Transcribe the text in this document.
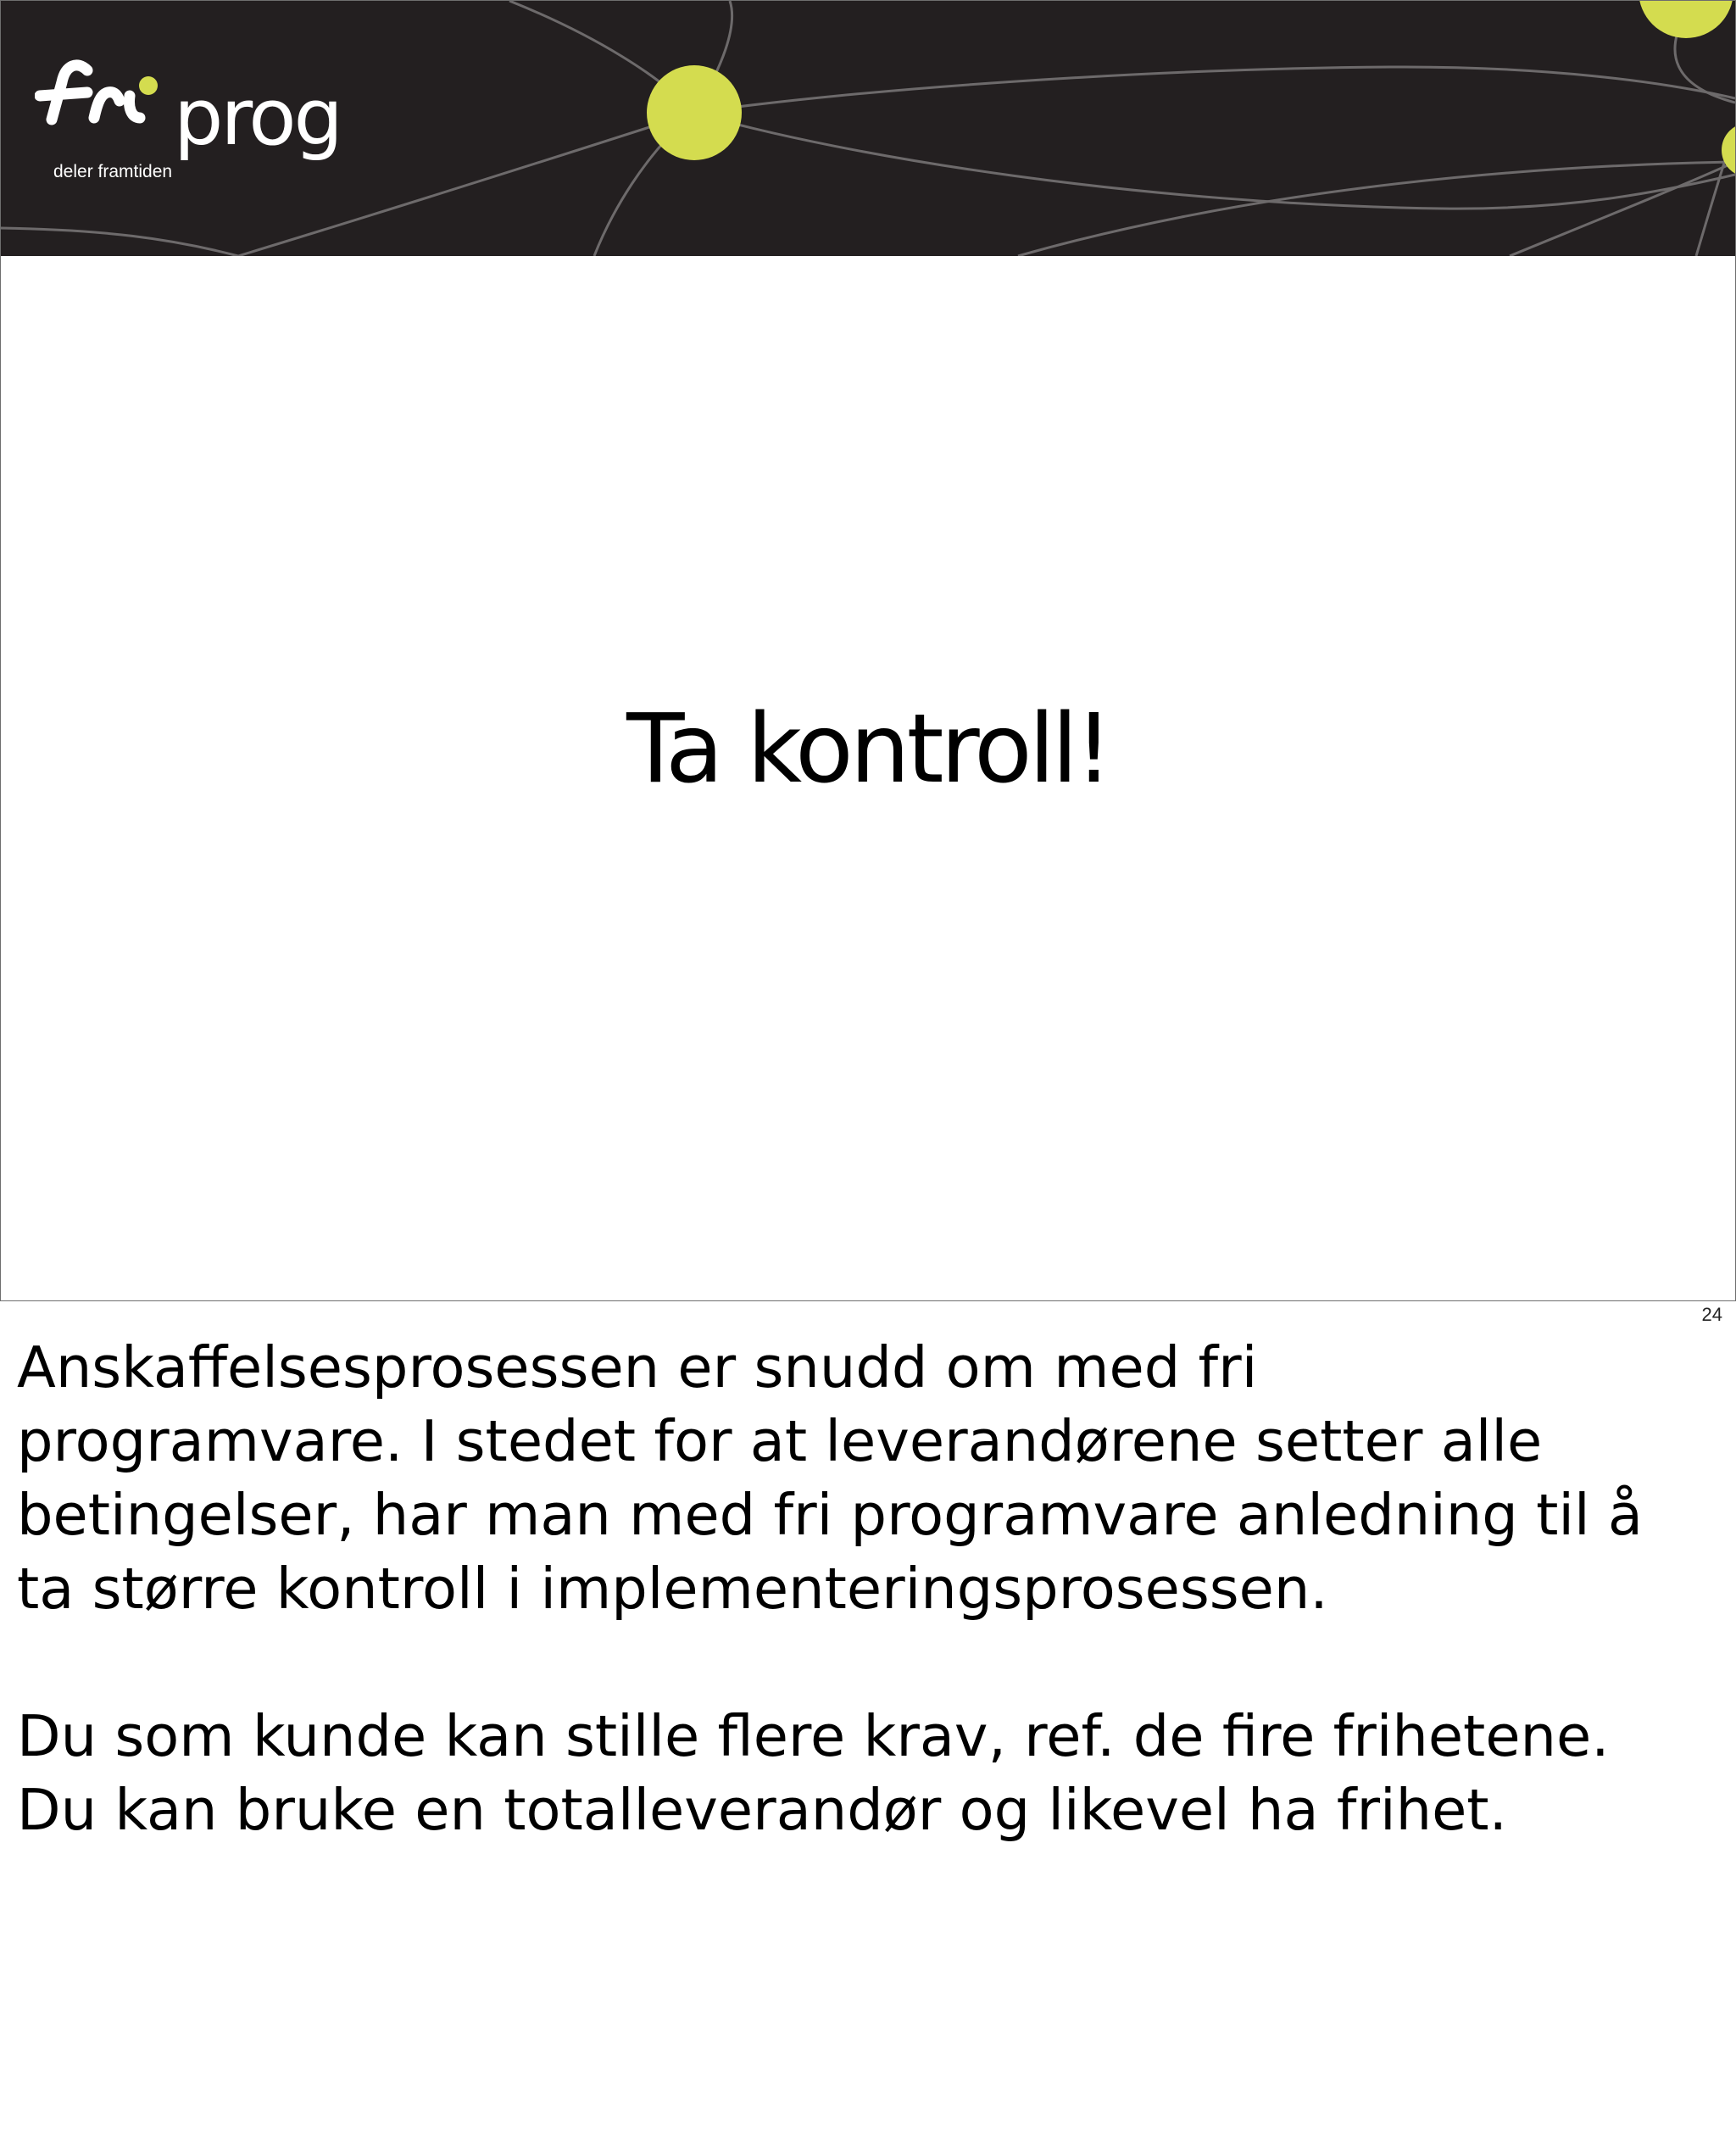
prog
deler framtiden
Ta kontroll!
24

Anskaffelsesprosessen er snudd om med fri
programvare. I stedet for at leverandørene setter alle
betingelser, har man med fri programvare anledning til å
ta større kontroll i implementeringsprosessen.

Du som kunde kan stille flere krav, ref. de fire frihetene.
Du kan bruke en totalleverandør og likevel ha frihet.
